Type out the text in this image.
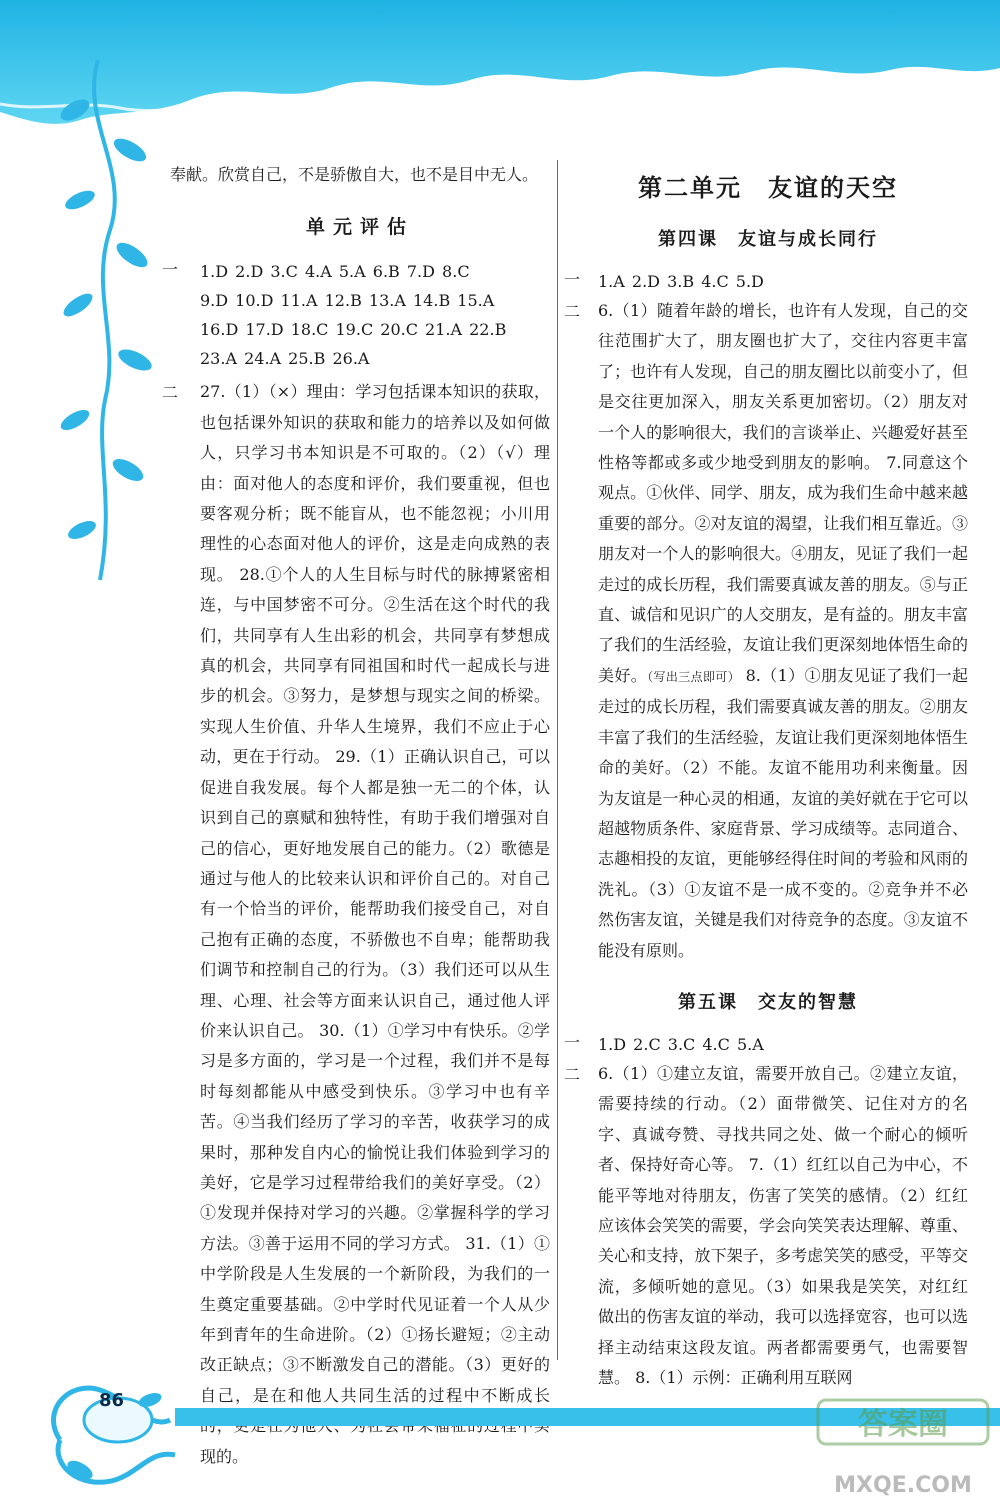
奉献。欣赏自己，不是骄傲自大，也不是目中无人。

单元评估
一	1.D 2.D 3.C 4.A 5.A 6.B 7.D 8.C
9.D 10.D 11.A 12.B 13.A 14.B 15.A
16.D 17.D 18.C 19.C 20.C 21.A 22.B
23.A 24.A 25.B 26.A
二	27.（1）（×）理由：学习包括课本知识的获取，也包括课外知识的获取和能力的培养以及如何做人，只学习书本知识是不可取的。（2）（√）理由：面对他人的态度和评价，我们要重视，但也要客观分析；既不能盲从，也不能忽视；小川用理性的心态面对他人的评价，这是走向成熟的表现。 28.①个人的人生目标与时代的脉搏紧密相连，与中国梦密不可分。②生活在这个时代的我们，共同享有人生出彩的机会，共同享有梦想成真的机会，共同享有同祖国和时代一起成长与进步的机会。③努力，是梦想与现实之间的桥梁。实现人生价值、升华人生境界，我们不应止于心动，更在于行动。 29.（1）正确认识自己，可以促进自我发展。每个人都是独一无二的个体，认识到自己的禀赋和独特性，有助于我们增强对自己的信心，更好地发展自己的能力。（2）歌德是通过与他人的比较来认识和评价自己的。对自己有一个恰当的评价，能帮助我们接受自己，对自己抱有正确的态度，不骄傲也不自卑；能帮助我们调节和控制自己的行为。（3）我们还可以从生理、心理、社会等方面来认识自己，通过他人评价来认识自己。 30.（1）①学习中有快乐。②学习是多方面的，学习是一个过程，我们并不是每时每刻都能从中感受到快乐。③学习中也有辛苦。④当我们经历了学习的辛苦，收获学习的成果时，那种发自内心的愉悦让我们体验到学习的美好，它是学习过程带给我们的美好享受。（2）①发现并保持对学习的兴趣。②掌握科学的学习方法。③善于运用不同的学习方式。 31.（1）①中学阶段是人生发展的一个新阶段，为我们的一生奠定重要基础。②中学时代见证着一个人从少年到青年的生命进阶。（2）①扬长避短；②主动改正缺点；③不断激发自己的潜能。（3）更好的自己，是在和他人共同生活的过程中不断成长 现的。

第二单元　友谊的天空
第四课　友谊与成长同行
一	1.A 2.D 3.B 4.C 5.D
二	6.（1）随着年龄的增长，也许有人发现，自己的交往范围扩大了，朋友圈也扩大了，交往内容更丰富了；也许有人发现，自己的朋友圈比以前变小了，但是交往更加深入，朋友关系更加密切。（2）朋友对一个人的影响很大，我们的言谈举止、兴趣爱好甚至性格等都或多或少地受到朋友的影响。 7.同意这个观点。①伙伴、同学、朋友，成为我们生命中越来越重要的部分。②对友谊的渴望，让我们相互靠近。③朋友对一个人的影响很大。④朋友，见证了我们一起走过的成长历程，我们需要真诚友善的朋友。⑤与正直、诚信和见识广的人交朋友，是有益的。朋友丰富了我们的生活经验，友谊让我们更深刻地体悟生命的美好。（写出三点即可） 8.（1）①朋友见证了我们一起走过的成长历程，我们需要真诚友善的朋友。②朋友丰富了我们的生活经验，友谊让我们更深刻地体悟生命的美好。（2）不能。友谊不能用功利来衡量。因为友谊是一种心灵的相通，友谊的美好就在于它可以超越物质条件、家庭背景、学习成绩等。志同道合、志趣相投的友谊，更能够经得住时间的考验和风雨的洗礼。（3）①友谊不是一成不变的。②竞争并不必然伤害友谊，关键是我们对待竞争的态度。③友谊不能没有原则。

第五课　交友的智慧
一	1.D 2.C 3.C 4.C 5.A
二	6.（1）①建立友谊，需要开放自己。②建立友谊，需要持续的行动。（2）面带微笑、记住对方的名字、真诚夸赞、寻找共同之处、做一个耐心的倾听者、保持好奇心等。 7.（1）红红以自己为中心，不能平等地对待朋友，伤害了笑笑的感情。（2）红红应该体会笑笑的需要，学会向笑笑表达理解、尊重、关心和支持，放下架子，多考虑笑笑的感受，平等交流，多倾听她的意见。（3）如果我是笑笑，对红红做出的伤害友谊的举动，我可以选择宽容，也可以选择主动结束这段友谊。两者都需要勇气，也需要智慧。 8.（1）示例：正确利用互联网

答案圈
MXQE.COM
86
